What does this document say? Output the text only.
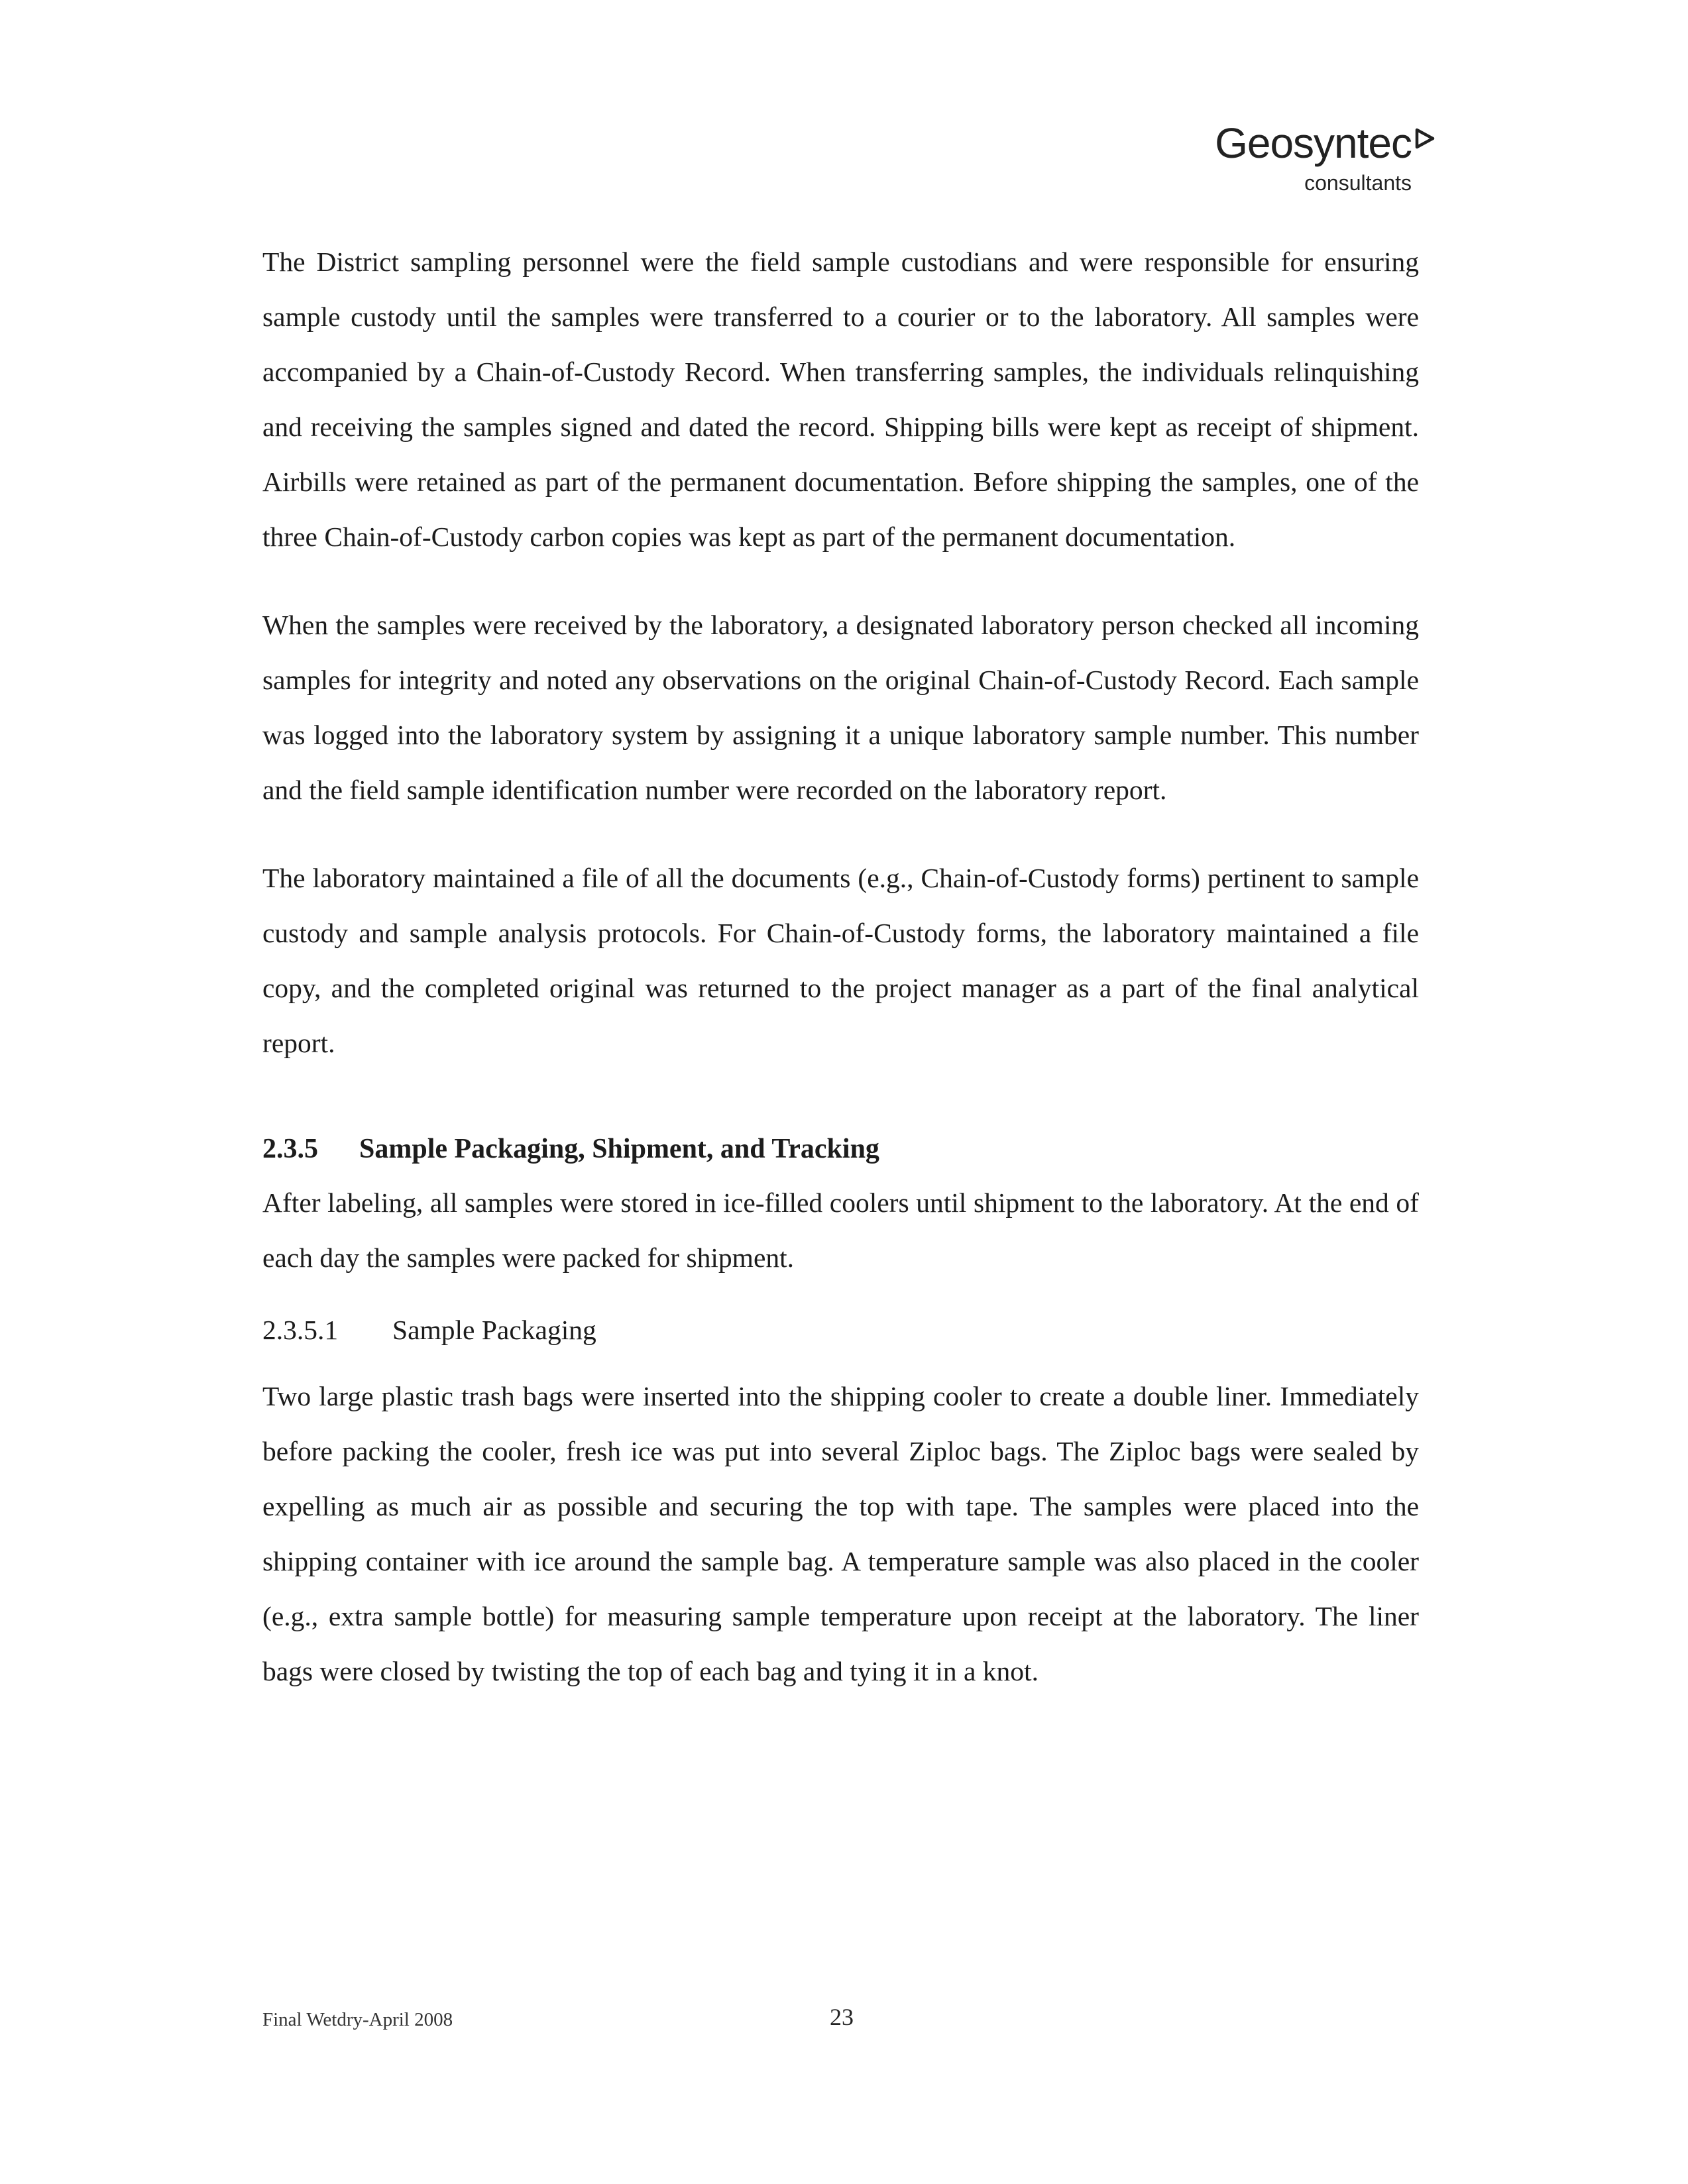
Geosyntec
consultants

The District sampling personnel were the field sample custodians and were responsible for ensuring sample custody until the samples were transferred to a courier or to the laboratory. All samples were accompanied by a Chain-of-Custody Record. When transferring samples, the individuals relinquishing and receiving the samples signed and dated the record. Shipping bills were kept as receipt of shipment. Airbills were retained as part of the permanent documentation. Before shipping the samples, one of the three Chain-of-Custody carbon copies was kept as part of the permanent documentation.

When the samples were received by the laboratory, a designated laboratory person checked all incoming samples for integrity and noted any observations on the original Chain-of-Custody Record. Each sample was logged into the laboratory system by assigning it a unique laboratory sample number. This number and the field sample identification number were recorded on the laboratory report.

The laboratory maintained a file of all the documents (e.g., Chain-of-Custody forms) pertinent to sample custody and sample analysis protocols. For Chain-of-Custody forms, the laboratory maintained a file copy, and the completed original was returned to the project manager as a part of the final analytical report.

2.3.5	Sample Packaging, Shipment, and Tracking

After labeling, all samples were stored in ice-filled coolers until shipment to the laboratory. At the end of each day the samples were packed for shipment.

2.3.5.1	Sample Packaging

Two large plastic trash bags were inserted into the shipping cooler to create a double liner. Immediately before packing the cooler, fresh ice was put into several Ziploc bags. The Ziploc bags were sealed by expelling as much air as possible and securing the top with tape. The samples were placed into the shipping container with ice around the sample bag. A temperature sample was also placed in the cooler (e.g., extra sample bottle) for measuring sample temperature upon receipt at the laboratory. The liner bags were closed by twisting the top of each bag and tying it in a knot.

Final Wetdry-April 2008	23
